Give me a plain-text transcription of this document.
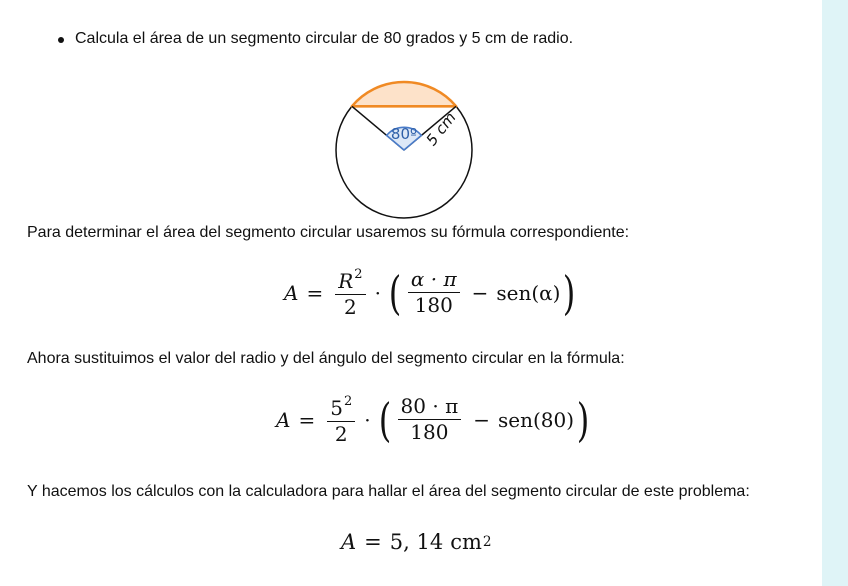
Calcula el área de un segmento circular de 80 grados y 5 cm de radio.
80º 5 cm
Para determinar el área del segmento circular usaremos su fórmula correspondiente:
$A = \frac{R^2}{2}$ · ( $\frac{\alpha \cdot \pi}{180} - sen(\alpha)$ )
Ahora sustituimos el valor del radio y del ángulo del segmento circular en la fórmula:
$A = \frac{5^2}{2}$ · ( $\frac{80 \cdot \pi}{180} - sen(80)$ )
Y hacemos los cálculos con la calculadora para hallar el área del segmento circular de este problema:
A = 5, 14 cm 2
